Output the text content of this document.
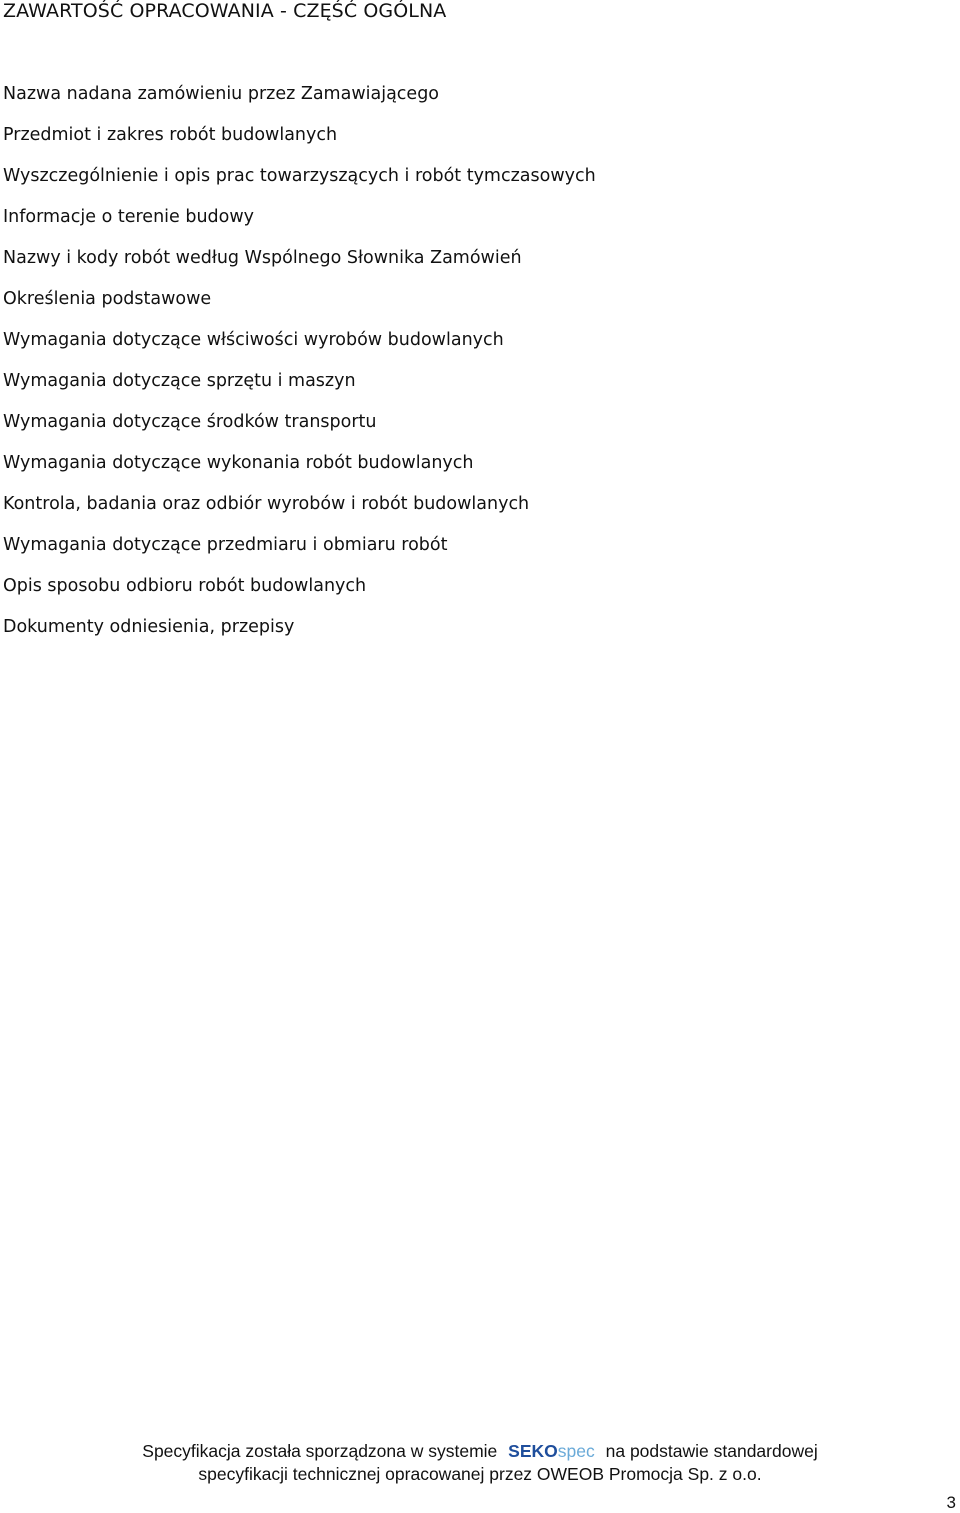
ZAWARTOŚĆ OPRACOWANIA - CZĘŚĆ OGÓLNA
Nazwa nadana zamówieniu przez Zamawiającego
Przedmiot i zakres robót budowlanych
Wyszczególnienie i opis prac towarzyszących i robót tymczasowych
Informacje o terenie budowy
Nazwy i kody robót według Wspólnego Słownika Zamówień
Określenia podstawowe
Wymagania dotyczące włściwości wyrobów budowlanych
Wymagania dotyczące sprzętu i maszyn
Wymagania dotyczące środków transportu
Wymagania dotyczące wykonania robót budowlanych
Kontrola, badania oraz odbiór wyrobów i robót budowlanych
Wymagania dotyczące przedmiaru i obmiaru robót
Opis sposobu odbioru robót budowlanych
Dokumenty odniesienia, przepisy
Specyfikacja została sporządzona w systemie SEKOspec na podstawie standardowej
specyfikacji technicznej opracowanej przez OWEOB Promocja Sp. z o.o.
3
